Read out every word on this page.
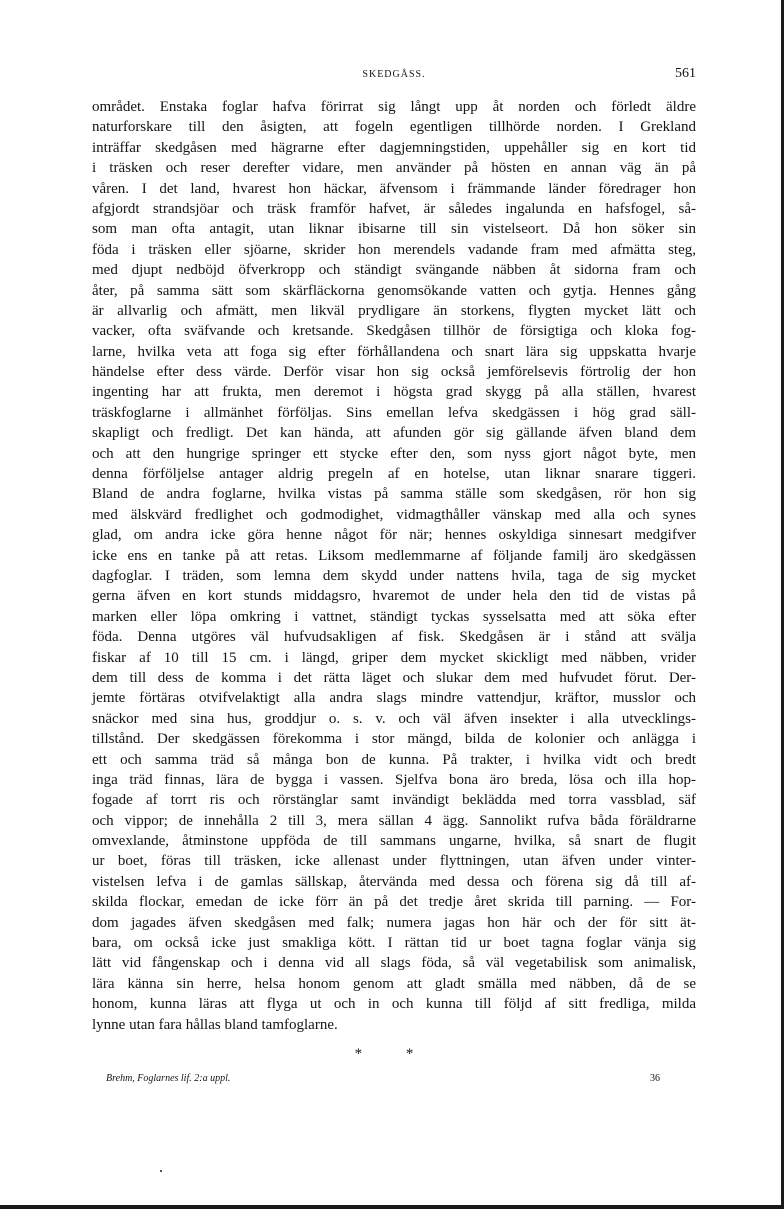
SKEDGÅSS.	561
området. Enstaka foglar hafva förirrat sig långt upp åt norden och förledt äldre
naturforskare till den åsigten, att fogeln egentligen tillhörde norden. I Grekland
inträffar skedgåsen med hägrarne efter dagjemningstiden, uppehåller sig en kort tid
i träsken och reser derefter vidare, men använder på hösten en annan väg än på
våren. I det land, hvarest hon häckar, äfvensom i främmande länder föredrager hon
afgjordt strandsjöar och träsk framför hafvet, är således ingalunda en hafsfogel, så-
som man ofta antagit, utan liknar ibisarne till sin vistelseort. Då hon söker sin
föda i träsken eller sjöarne, skrider hon merendels vadande fram med afmätta steg,
med djupt nedböjd öfverkropp och ständigt svängande näbben åt sidorna fram och
åter, på samma sätt som skärfläckorna genomsökande vatten och gytja. Hennes gång
är allvarlig och afmätt, men likväl prydligare än storkens, flygten mycket lätt och
vacker, ofta sväfvande och kretsande. Skedgåsen tillhör de försigtiga och kloka fog-
larne, hvilka veta att foga sig efter förhållandena och snart lära sig uppskatta hvarje
händelse efter dess värde. Derför visar hon sig också jemförelsevis förtrolig der hon
ingenting har att frukta, men deremot i högsta grad skygg på alla ställen, hvarest
träskfoglarne i allmänhet förföljas. Sins emellan lefva skedgässen i hög grad säll-
skapligt och fredligt. Det kan hända, att afunden gör sig gällande äfven bland dem
och att den hungrige springer ett stycke efter den, som nyss gjort något byte, men
denna förföljelse antager aldrig pregeln af en hotelse, utan liknar snarare tiggeri.
Bland de andra foglarne, hvilka vistas på samma ställe som skedgåsen, rör hon sig
med älskvärd fredlighet och godmodighet, vidmagthåller vänskap med alla och synes
glad, om andra icke göra henne något för när; hennes oskyldiga sinnesart medgifver
icke ens en tanke på att retas. Liksom medlemmarne af följande familj äro skedgässen
dagfoglar. I träden, som lemna dem skydd under nattens hvila, taga de sig mycket
gerna äfven en kort stunds middagsro, hvaremot de under hela den tid de vistas på
marken eller löpa omkring i vattnet, ständigt tyckas sysselsatta med att söka efter
föda. Denna utgöres väl hufvudsakligen af fisk. Skedgåsen är i stånd att svälja
fiskar af 10 till 15 cm. i längd, griper dem mycket skickligt med näbben, vrider
dem till dess de komma i det rätta läget och slukar dem med hufvudet förut. Der-
jemte förtäras otvifvelaktigt alla andra slags mindre vattendjur, kräftor, musslor och
snäckor med sina hus, groddjur o. s. v. och väl äfven insekter i alla utvecklings-
tillstånd. Der skedgässen förekomma i stor mängd, bilda de kolonier och anlägga i
ett och samma träd så många bon de kunna. På trakter, i hvilka vidt och bredt
inga träd finnas, lära de bygga i vassen. Sjelfva bona äro breda, lösa och illa hop-
fogade af torrt ris och rörstänglar samt invändigt beklädda med torra vassblad, säf
och vippor; de innehålla 2 till 3, mera sällan 4 ägg. Sannolikt rufva båda föräldrarne
omvexlande, åtminstone uppföda de till sammans ungarne, hvilka, så snart de flugit
ur boet, föras till träsken, icke allenast under flyttningen, utan äfven under vinter-
vistelsen lefva i de gamlas sällskap, återvända med dessa och förena sig då till af-
skilda flockar, emedan de icke förr än på det tredje året skrida till parning. — For-
dom jagades äfven skedgåsen med falk; numera jagas hon här och der för sitt ät-
bara, om också icke just smakliga kött. I rättan tid ur boet tagna foglar vänja sig
lätt vid fångenskap och i denna vid all slags föda, så väl vegetabilisk som animalisk,
lära känna sin herre, helsa honom genom att gladt smälla med näbben, då de se
honom, kunna läras att flyga ut och in och kunna till följd af sitt fredliga, milda
lynne utan fara hållas bland tamfoglarne.
* *
Brehm, Foglarnes lif. 2:a uppl.	36
